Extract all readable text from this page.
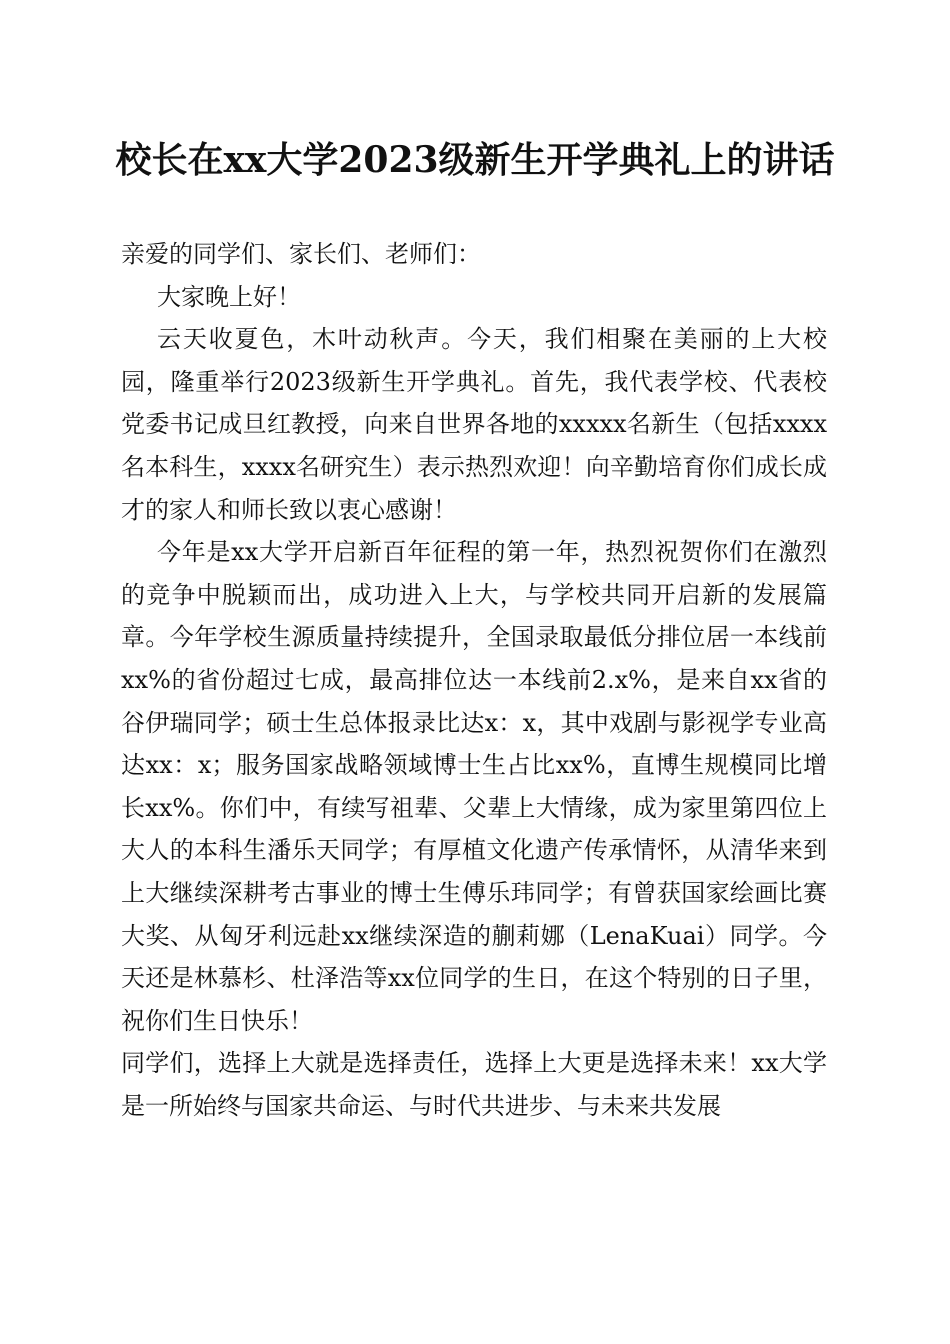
校长在xx大学2023级新生开学典礼上的讲话

亲爱的同学们、家长们、老师们：

大家晚上好！

云天收夏色，木叶动秋声。今天，我们相聚在美丽的上大校园，隆重举行2023级新生开学典礼。首先，我代表学校、代表校党委书记成旦红教授，向来自世界各地的xxxxx名新生（包括xxxx名本科生，xxxx名研究生）表示热烈欢迎！向辛勤培育你们成长成才的家人和师长致以衷心感谢！

今年是xx大学开启新百年征程的第一年，热烈祝贺你们在激烈的竞争中脱颖而出，成功进入上大，与学校共同开启新的发展篇章。今年学校生源质量持续提升，全国录取最低分排位居一本线前xx%的省份超过七成，最高排位达一本线前2.x%，是来自xx省的谷伊瑞同学；硕士生总体报录比达x：x，其中戏剧与影视学专业高达xx：x；服务国家战略领域博士生占比xx%，直博生规模同比增长xx%。你们中，有续写祖辈、父辈上大情缘，成为家里第四位上大人的本科生潘乐天同学；有厚植文化遗产传承情怀，从清华来到上大继续深耕考古事业的博士生傅乐玮同学；有曾获国家绘画比赛大奖、从匈牙利远赴xx继续深造的蒯莉娜（LenaKuai）同学。今天还是林慕杉、杜泽浩等xx位同学的生日，在这个特别的日子里，祝你们生日快乐！

同学们，选择上大就是选择责任，选择上大更是选择未来！xx大学是一所始终与国家共命运、与时代共进步、与未来共发展
